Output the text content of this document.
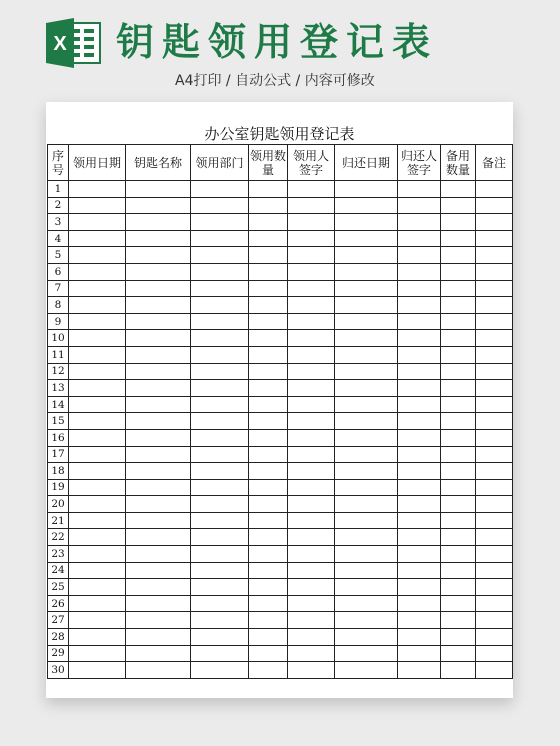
X 钥匙领用登记表
A4打印 / 自动公式 / 内容可修改
办公室钥匙领用登记表
序号	领用日期	钥匙名称	领用部门	领用数量	领用人签字	归还日期	归还人签字	备用数量	备注
1									
2									
3									
4									
5									
6									
7									
8									
9									
10									
11									
12									
13									
14									
15									
16									
17									
18									
19									
20									
21									
22									
23									
24									
25									
26									
27									
28									
29									
30									
